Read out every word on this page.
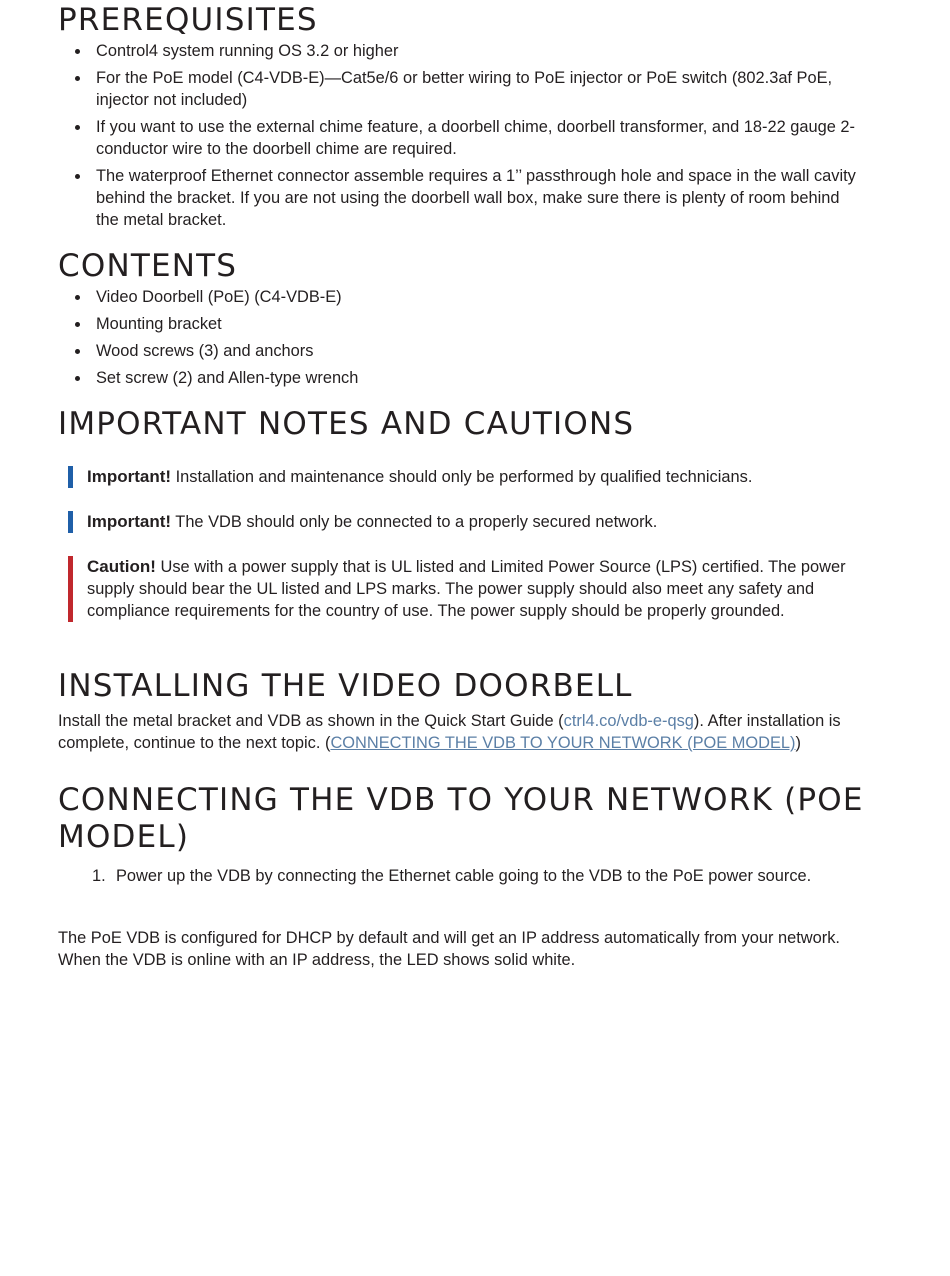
PREREQUISITES
Control4 system running OS 3.2 or higher
For the PoE model (C4-VDB-E)—Cat5e/6 or better wiring to PoE injector or PoE switch (802.3af PoE, injector not included)
If you want to use the external chime feature, a doorbell chime, doorbell transformer, and 18-22 gauge 2-conductor wire to the doorbell chime are required.
The waterproof Ethernet connector assemble requires a 1’’ passthrough hole and space in the wall cavity behind the bracket. If you are not using the doorbell wall box, make sure there is plenty of room behind the metal bracket.
CONTENTS
Video Doorbell (PoE) (C4-VDB-E)
Mounting bracket
Wood screws (3) and anchors
Set screw (2) and Allen-type wrench
IMPORTANT NOTES AND CAUTIONS
Important! Installation and maintenance should only be performed by qualified technicians.
Important! The VDB should only be connected to a properly secured network.
Caution! Use with a power supply that is UL listed and Limited Power Source (LPS) certified. The power supply should bear the UL listed and LPS marks. The power supply should also meet any safety and compliance requirements for the country of use. The power supply should be properly grounded.
INSTALLING THE VIDEO DOORBELL

Install the metal bracket and VDB as shown in the Quick Start Guide (ctrl4.co/vdb-e-qsg). After installation is complete, continue to the next topic. (CONNECTING THE VDB TO YOUR NETWORK (POE MODEL))

CONNECTING THE VDB TO YOUR NETWORK (POE MODEL)
1. Power up the VDB by connecting the Ethernet cable going to the VDB to the PoE power source.

The PoE VDB is configured for DHCP by default and will get an IP address automatically from your network. When the VDB is online with an IP address, the LED shows solid white.
